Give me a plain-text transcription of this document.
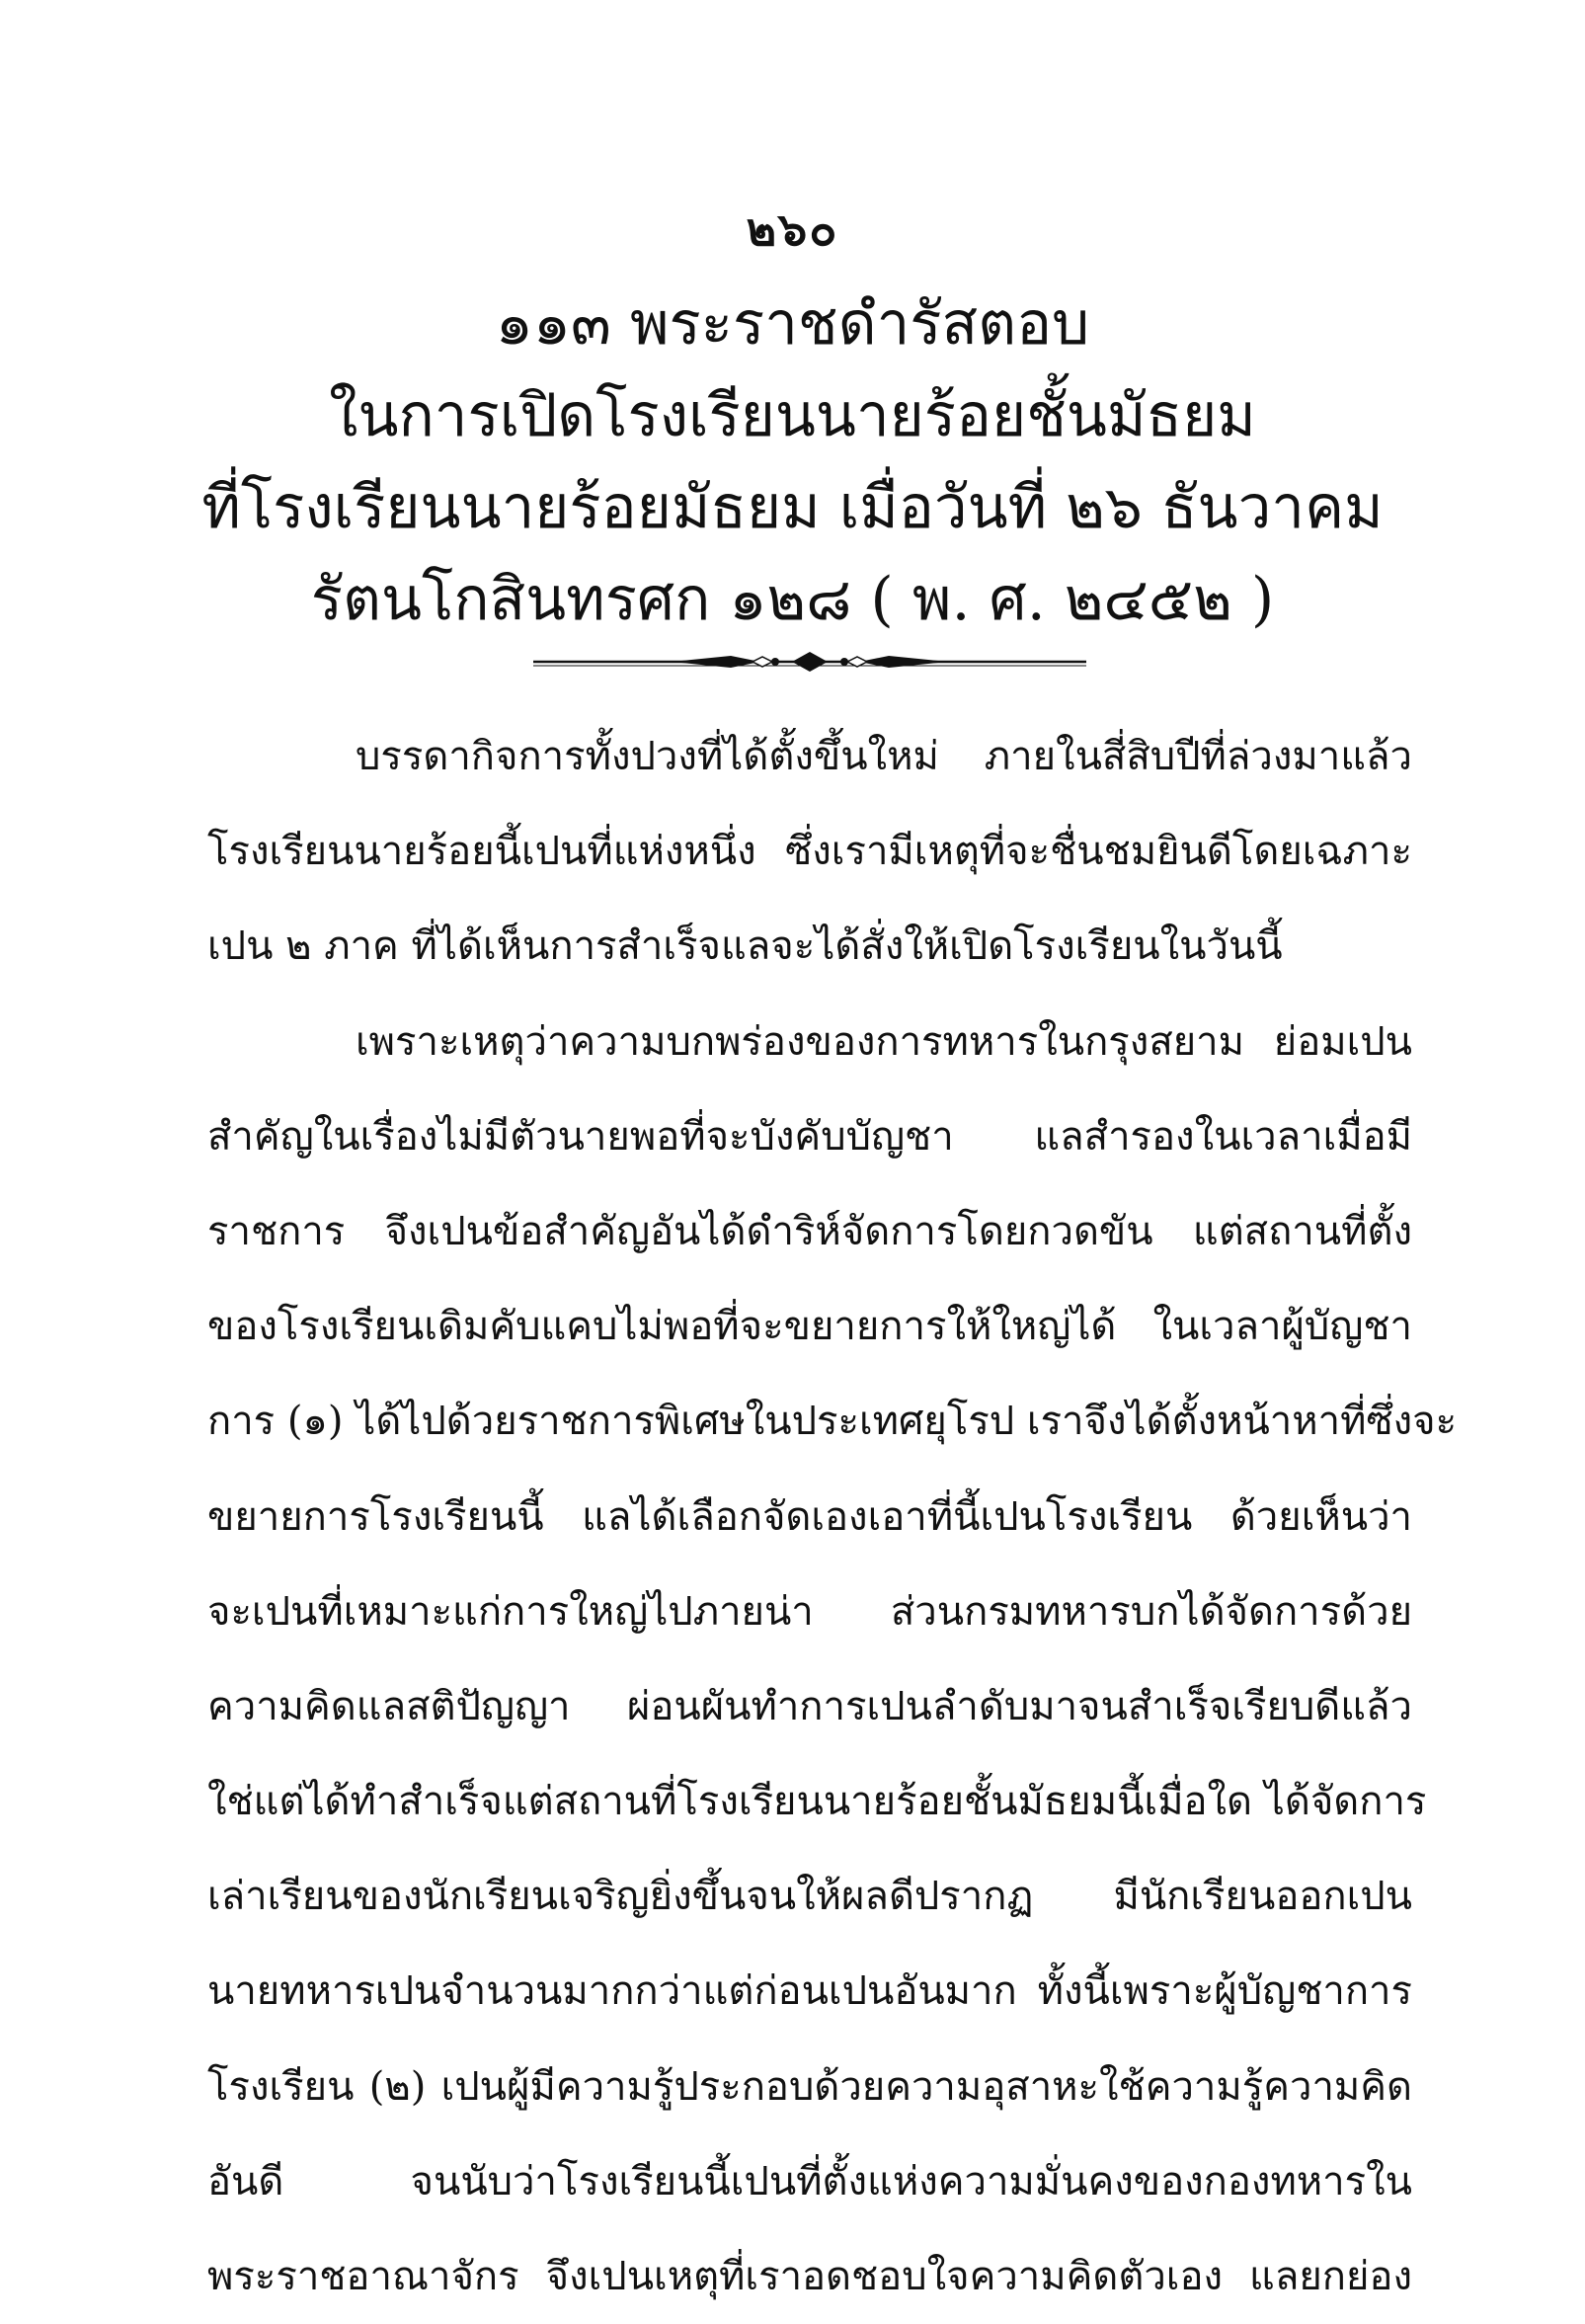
๒๖๐
๑๑๓ พระราชดำรัสตอบ
ในการเปิดโรงเรียนนายร้อยชั้นมัธยม
ที่โรงเรียนนายร้อยมัธยม เมื่อวันที่ ๒๖ ธันวาคม
รัตนโกสินทรศก ๑๒๘ ( พ. ศ. ๒๔๕๒ )
บรรดากิจการทั้งปวงที่ได้ตั้งขึ้นใหม่ ภายในสี่สิบปีที่ล่วงมาแล้ว
โรงเรียนนายร้อยนี้เปนที่แห่งหนึ่ง ซึ่งเรามีเหตุที่จะชื่นชมยินดีโดยเฉภาะ
เปน ๒ ภาค ที่ได้เห็นการสำเร็จแลจะได้สั่งให้เปิดโรงเรียนในวันนี้
เพราะเหตุว่าความบกพร่องของการทหารในกรุงสยาม ย่อมเปน
สำคัญในเรื่องไม่มีตัวนายพอที่จะบังคับบัญชา แลสำรองในเวลาเมื่อมี
ราชการ จึงเปนข้อสำคัญอันได้ดำริห์จัดการโดยกวดขัน แต่สถานที่ตั้ง
ของโรงเรียนเดิมคับแคบไม่พอที่จะขยายการให้ใหญ่ได้ ในเวลาผู้บัญชา
การ (๑) ได้ไปด้วยราชการพิเศษในประเทศยุโรป เราจึงได้ตั้งหน้าหาที่ซึ่งจะ
ขยายการโรงเรียนนี้ แลได้เลือกจัดเองเอาที่นี้เปนโรงเรียน ด้วยเห็นว่า
จะเปนที่เหมาะแก่การใหญ่ไปภายน่า ส่วนกรมทหารบกได้จัดการด้วย
ความคิดแลสติปัญญา ผ่อนผันทำการเปนลำดับมาจนสำเร็จเรียบดีแล้ว
ใช่แต่ได้ทำสำเร็จแต่สถานที่โรงเรียนนายร้อยชั้นมัธยมนี้เมื่อใด ได้จัดการ
เล่าเรียนของนักเรียนเจริญยิ่งขึ้นจนให้ผลดีปรากฏ มีนักเรียนออกเปน
นายทหารเปนจำนวนมากกว่าแต่ก่อนเปนอันมาก ทั้งนี้เพราะผู้บัญชาการ
โรงเรียน (๒) เปนผู้มีความรู้ประกอบด้วยความอุสาหะใช้ความรู้ความคิด
อันดี จนนับว่าโรงเรียนนี้เปนที่ตั้งแห่งความมั่นคงของกองทหารใน
พระราชอาณาจักร จึงเปนเหตุที่เราอดชอบใจความคิดตัวเอง แลยกย่อง
